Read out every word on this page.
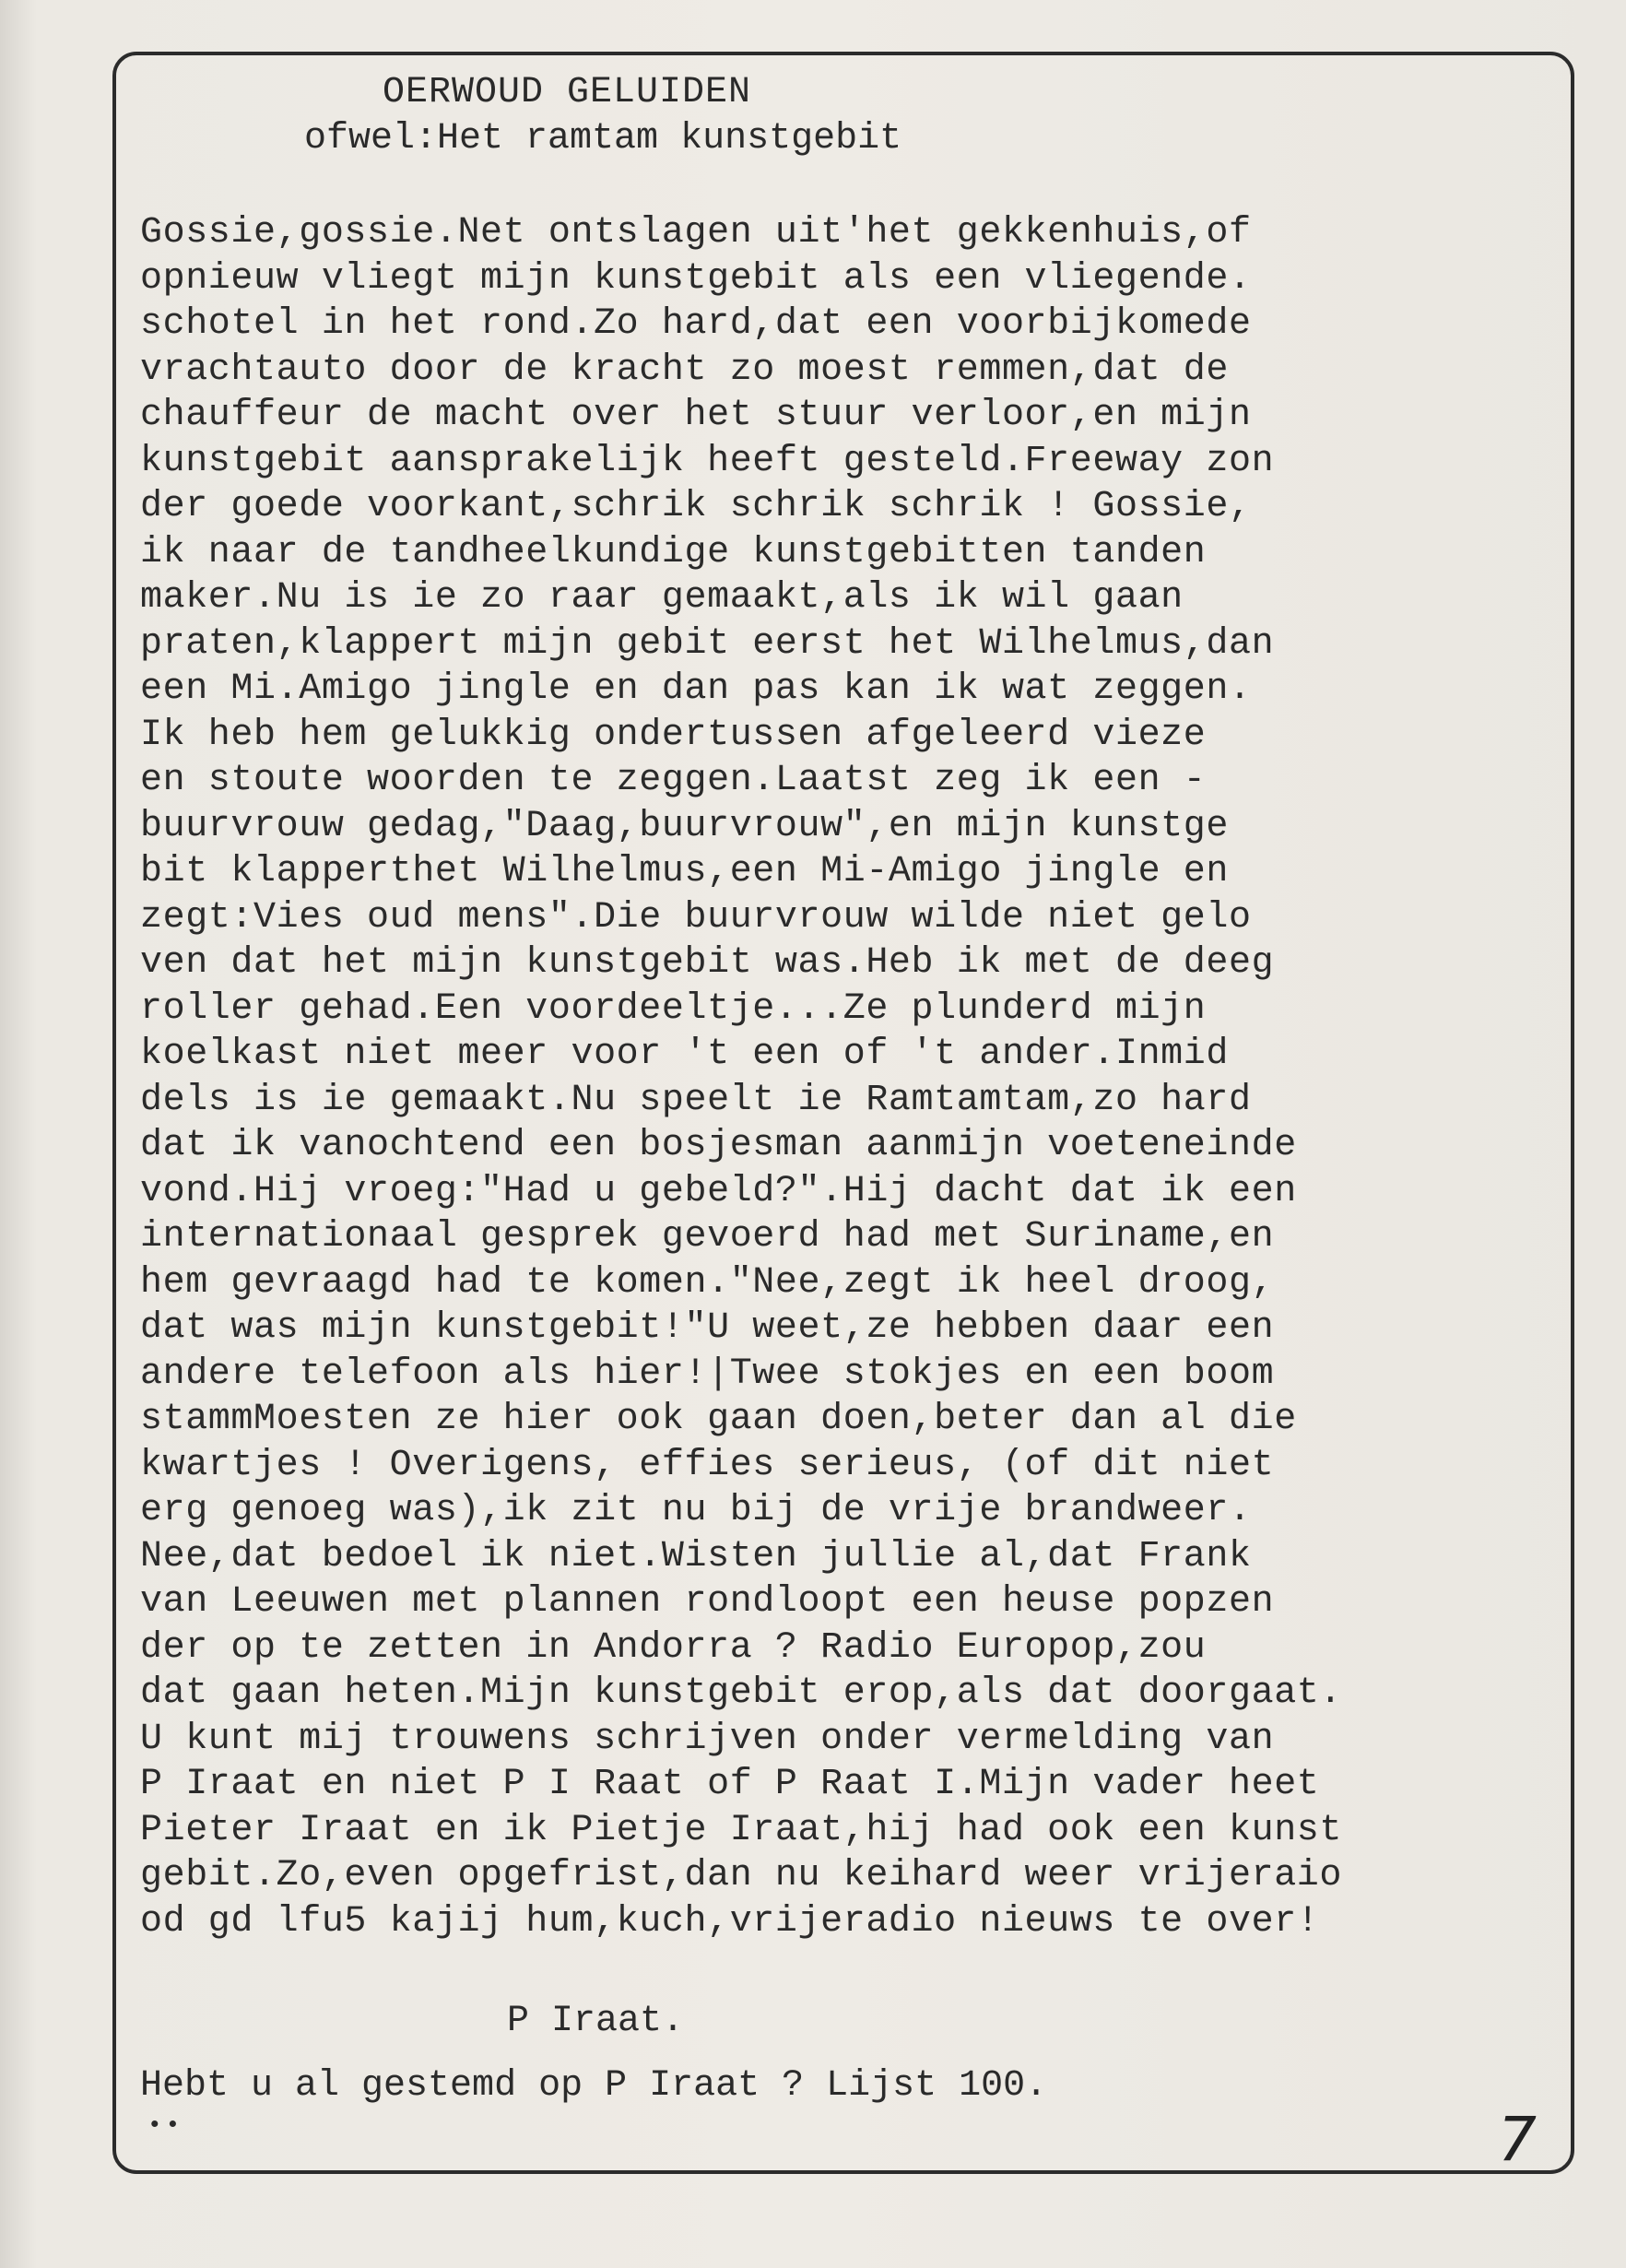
OERWOUD GELUIDEN
ofwel:Het ramtam kunstgebit
Gossie,gossie.Net ontslagen uit'het gekkenhuis,of
opnieuw vliegt mijn kunstgebit als een vliegende.
schotel in het rond.Zo hard,dat een voorbijkomede
vrachtauto door de kracht zo moest remmen,dat de
chauffeur de macht over het stuur verloor,en mijn
kunstgebit aansprakelijk heeft gesteld.Freeway zon
der goede voorkant,schrik schrik schrik ! Gossie,
ik naar de tandheelkundige kunstgebitten tanden
maker.Nu is ie zo raar gemaakt,als ik wil gaan
praten,klappert mijn gebit eerst het Wilhelmus,dan
een Mi.Amigo jingle en dan pas kan ik wat zeggen.
Ik heb hem gelukkig ondertussen afgeleerd vieze
en stoute woorden te zeggen.Laatst zeg ik een -
buurvrouw gedag,"Daag,buurvrouw",en mijn kunstge
bit klapperthet Wilhelmus,een Mi-Amigo jingle en
zegt:Vies oud mens".Die buurvrouw wilde niet gelo
ven dat het mijn kunstgebit was.Heb ik met de deeg
roller gehad.Een voordeeltje...Ze plunderd mijn
koelkast niet meer voor 't een of 't ander.Inmid
dels is ie gemaakt.Nu speelt ie Ramtamtam,zo hard
dat ik vanochtend een bosjesman aanmijn voeteneinde
vond.Hij vroeg:"Had u gebeld?".Hij dacht dat ik een
internationaal gesprek gevoerd had met Suriname,en
hem gevraagd had te komen."Nee,zegt ik heel droog,
dat was mijn kunstgebit!"U weet,ze hebben daar een
andere telefoon als hier!|Twee stokjes en een boom
stammMoesten ze hier ook gaan doen,beter dan al die
kwartjes ! Overigens, effies serieus, (of dit niet
erg genoeg was),ik zit nu bij de vrije brandweer.
Nee,dat bedoel ik niet.Wisten jullie al,dat Frank
van Leeuwen met plannen rondloopt een heuse popzen
der op te zetten in Andorra ? Radio Europop,zou
dat gaan heten.Mijn kunstgebit erop,als dat doorgaat.
U kunt mij trouwens schrijven onder vermelding van
P Iraat en niet P I Raat of P Raat I.Mijn vader heet
Pieter Iraat en ik Pietje Iraat,hij had ook een kunst
gebit.Zo,even opgefrist,dan nu keihard weer vrijeraio
od gd lfu5 kajij hum,kuch,vrijeradio nieuws te over!
P Iraat.
Hebt u al gestemd op P Iraat ? Lijst 100.
••	7
